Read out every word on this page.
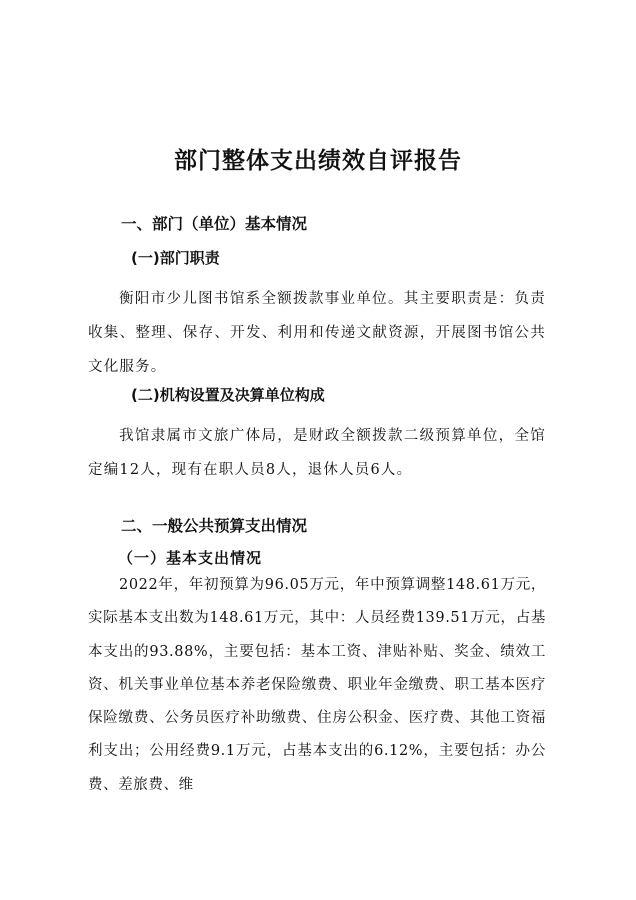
部门整体支出绩效自评报告
一、部门（单位）基本情况
(一)部门职责
衡阳市少儿图书馆系全额拨款事业单位。其主要职责是：负责收集、整理、保存、开发、利用和传递文献资源，开展图书馆公共文化服务。
(二)机构设置及决算单位构成
我馆隶属市文旅广体局，是财政全额拨款二级预算单位，全馆定编12人，现有在职人员8人，退休人员6人。
二、一般公共预算支出情况
（一）基本支出情况
2022年，年初预算为96.05万元，年中预算调整148.61万元，实际基本支出数为148.61万元，其中：人员经费139.51万元，占基本支出的93.88%，主要包括：基本工资、津贴补贴、奖金、绩效工资、机关事业单位基本养老保险缴费、职业年金缴费、职工基本医疗保险缴费、公务员医疗补助缴费、住房公积金、医疗费、其他工资福利支出；公用经费9.1万元，占基本支出的6.12%，主要包括：办公费、差旅费、维
